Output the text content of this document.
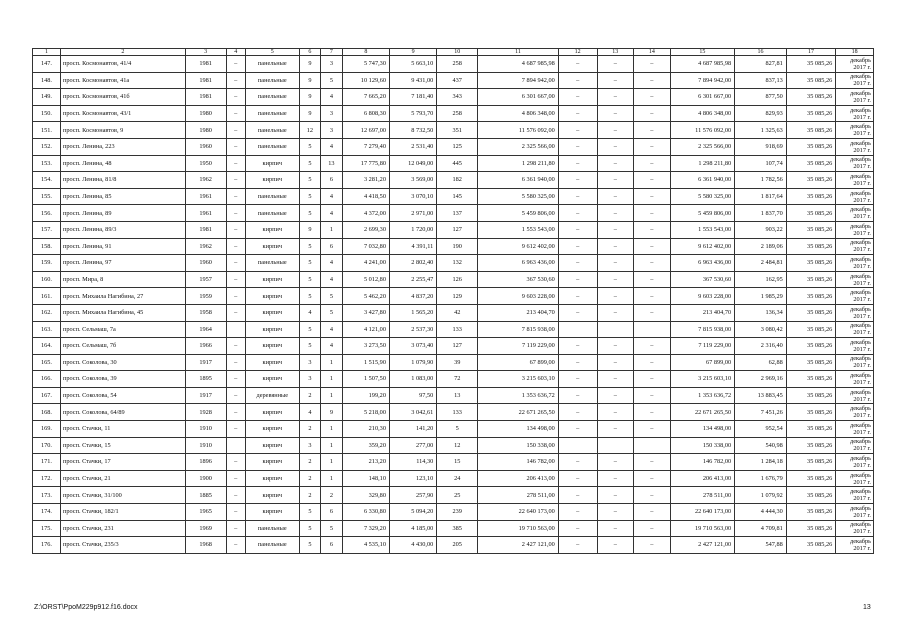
1	2	3	4	5	6	7	8	9	10	11	12	13	14	15	16	17	18
147.	просп. Космонавтов, 41/4	1981	–	панельные	9	3	5 747,30	5 663,10	258	4 687 985,98	–	–	–	4 687 985,98	827,81	35 085,26	декабрь 2017 г.
148.	просп. Космонавтов, 41а	1981	–	панельные	9	5	10 129,60	9 431,00	437	7 894 942,00	–	–	–	7 894 942,00	837,13	35 085,26	декабрь 2017 г.
149.	просп. Космонавтов, 41б	1981	–	панельные	9	4	7 665,20	7 181,40	343	6 301 667,00	–	–	–	6 301 667,00	877,50	35 085,26	декабрь 2017 г.
150.	просп. Космонавтов, 43/1	1980	–	панельные	9	3	6 808,30	5 793,70	258	4 806 348,00	–	–	–	4 806 348,00	829,93	35 085,26	декабрь 2017 г.
151.	просп. Космонавтов, 9	1980	–	панельные	12	3	12 697,00	8 732,50	351	11 576 092,00	–	–	–	11 576 092,00	1 325,63	35 085,26	декабрь 2017 г.
152.	просп. Ленина, 223	1960	–	панельные	5	4	7 279,40	2 531,40	125	2 325 566,00	–	–	–	2 325 566,00	918,69	35 085,26	декабрь 2017 г.
153.	просп. Ленина, 48	1950	–	кирпич	5	13	17 775,80	12 049,00	445	1 298 211,80	–	–	–	1 298 211,80	107,74	35 085,26	декабрь 2017 г.
154.	просп. Ленина, 81/8	1962	–	кирпич	5	6	3 281,20	3 569,00	182	6 361 940,00	–	–	–	6 361 940,00	1 782,56	35 085,26	декабрь 2017 г.
155.	просп. Ленина, 85	1961	–	панельные	5	4	4 418,50	3 070,10	145	5 580 325,00	–	–	–	5 580 325,00	1 817,64	35 085,26	декабрь 2017 г.
156.	просп. Ленина, 89	1961	–	панельные	5	4	4 372,00	2 971,00	137	5 459 806,00	–	–	–	5 459 806,00	1 837,70	35 085,26	декабрь 2017 г.
157.	просп. Ленина, 89/3	1981	–	кирпич	9	1	2 699,30	1 720,00	127	1 553 543,00	–	–	–	1 553 543,00	903,22	35 085,26	декабрь 2017 г.
158.	просп. Ленина, 91	1962	–	кирпич	5	6	7 032,80	4 391,11	190	9 612 402,00	–	–	–	9 612 402,00	2 189,06	35 085,26	декабрь 2017 г.
159.	просп. Ленина, 97	1960	–	панельные	5	4	4 241,00	2 802,40	132	6 963 436,00	–	–	–	6 963 436,00	2 484,81	35 085,26	декабрь 2017 г.
160.	просп. Мира, 8	1957	–	кирпич	5	4	5 012,80	2 255,47	126	367 530,60	–	–	–	367 530,60	162,95	35 085,26	декабрь 2017 г.
161.	просп. Михаила Нагибина, 27	1959	–	кирпич	5	5	5 462,20	4 837,20	129	9 603 228,00	–	–	–	9 603 228,00	1 985,29	35 085,26	декабрь 2017 г.
162.	просп. Михаила Нагибина, 45	1958	–	кирпич	4	5	3 427,80	1 565,20	42	213 404,70	–	–	–	213 404,70	136,34	35 085,26	декабрь 2017 г.
163.	просп. Сельмаш, 7а	1964		кирпич	5	4	4 121,00	2 537,30	133	7 815 938,00				7 815 938,00	3 080,42	35 085,26	декабрь 2017 г.
164.	просп. Сельмаш, 7б	1966	–	кирпич	5	4	3 273,50	3 073,40	127	7 119 229,00	–	–	–	7 119 229,00	2 316,40	35 085,26	декабрь 2017 г.
165.	просп. Соколова, 30	1917	–	кирпич	3	1	1 515,90	1 079,90	39	67 899,00	–	–	–	67 899,00	62,88	35 085,26	декабрь 2017 г.
166.	просп. Соколова, 39	1895	–	кирпич	3	1	1 507,50	1 083,00	72	3 215 603,10	–	–	–	3 215 603,10	2 969,16	35 085,26	декабрь 2017 г.
167.	просп. Соколова, 54	1917	–	деревянные	2	1	199,20	97,50	13	1 353 636,72	–	–	–	1 353 636,72	13 883,45	35 085,26	декабрь 2017 г.
168.	просп. Соколова, 64/89	1928	–	кирпич	4	9	5 218,00	3 042,61	133	22 671 265,50	–	–	–	22 671 265,50	7 451,26	35 085,26	декабрь 2017 г.
169.	просп. Стачки, 11	1910	–	кирпич	2	1	210,30	141,20	5	134 498,00	–	–	–	134 498,00	952,54	35 085,26	декабрь 2017 г.
170.	просп. Стачки, 15	1910		кирпич	3	1	359,20	277,00	12	150 338,00				150 338,00	540,98	35 085,26	декабрь 2017 г.
171.	просп. Стачки, 17	1896	–	кирпич	2	1	213,20	114,30	15	146 782,00	–	–	–	146 782,00	1 284,18	35 085,26	декабрь 2017 г.
172.	просп. Стачки, 21	1900	–	кирпич	2	1	148,10	123,10	24	206 413,00	–	–	–	206 413,00	1 676,79	35 085,26	декабрь 2017 г.
173.	просп. Стачки, 31/100	1885	–	кирпич	2	2	329,80	257,90	25	278 511,00	–	–	–	278 511,00	1 079,92	35 085,26	декабрь 2017 г.
174.	просп. Стачки, 182/1	1965	–	кирпич	5	6	6 330,80	5 094,20	239	22 640 173,00	–	–	–	22 640 173,00	4 444,30	35 085,26	декабрь 2017 г.
175.	просп. Стачки, 231	1969	–	панельные	5	5	7 329,20	4 185,00	385	19 710 563,00	–	–	–	19 710 563,00	4 709,81	35 085,26	декабрь 2017 г.
176.	просп. Стачки, 235/3	1968	–	панельные	5	6	4 535,10	4 430,00	205	2 427 121,00	–	–	–	2 427 121,00	547,88	35 085,26	декабрь 2017 г.
Z:\ORST\PpoM229p912.f16.docx	13
